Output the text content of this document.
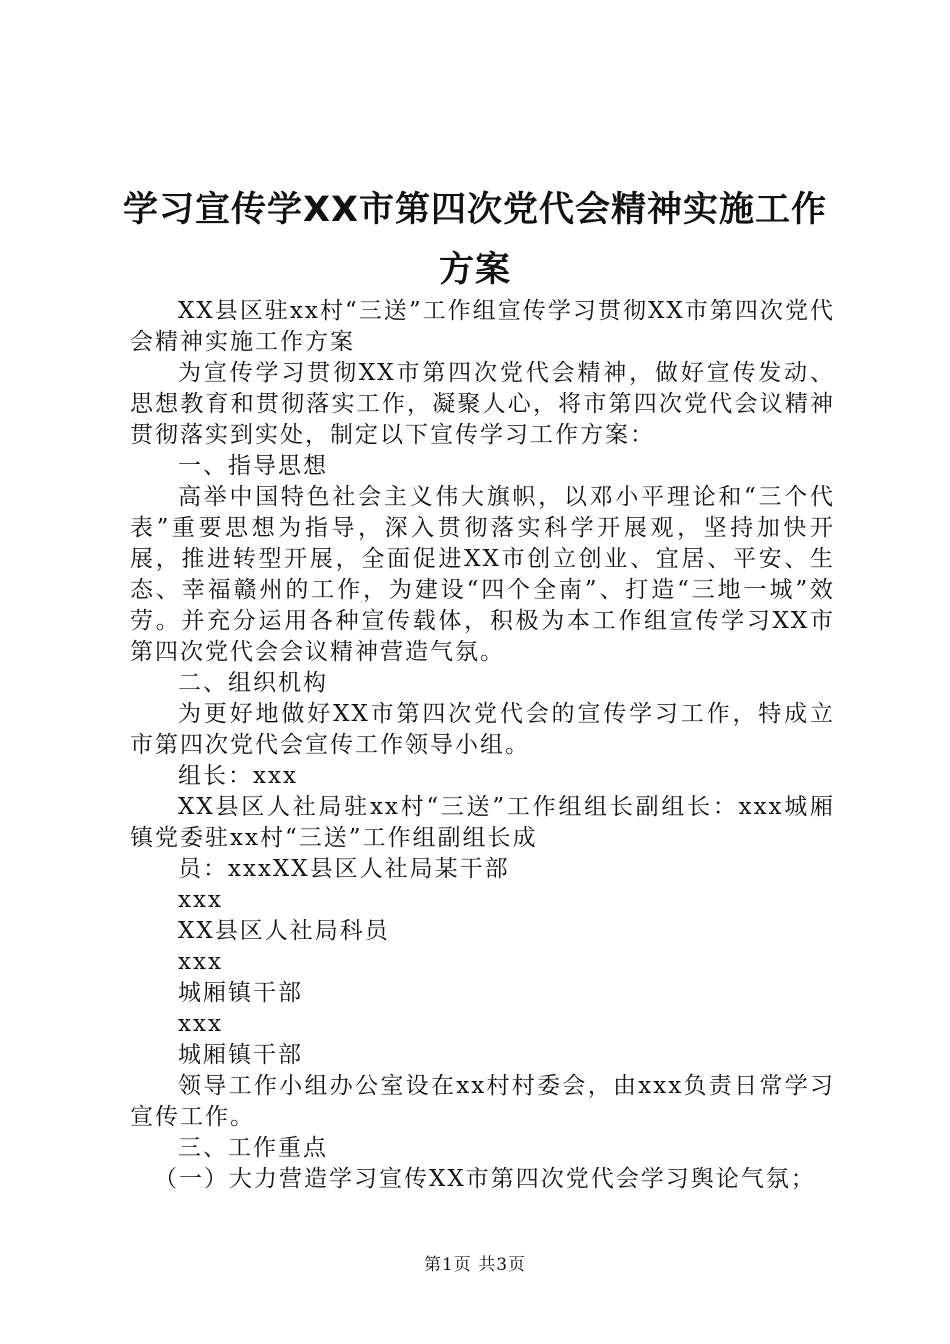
学习宣传学XX市第四次党代会精神实施工作
方案

XX县区驻xx村“三送”工作组宣传学习贯彻XX市第四次党代会精神实施工作方案

为宣传学习贯彻XX市第四次党代会精神，做好宣传发动、思想教育和贯彻落实工作，凝聚人心，将市第四次党代会议精神贯彻落实到实处，制定以下宣传学习工作方案：

一、指导思想

高举中国特色社会主义伟大旗帜，以邓小平理论和“三个代表”重要思想为指导，深入贯彻落实科学开展观，坚持加快开展，推进转型开展，全面促进XX市创立创业、宜居、平安、生态、幸福赣州的工作，为建设“四个全南”、打造“三地一城”效劳。并充分运用各种宣传载体，积极为本工作组宣传学习XX市第四次党代会会议精神营造气氛。

二、组织机构

为更好地做好XX市第四次党代会的宣传学习工作，特成立市第四次党代会宣传工作领导小组。

组长：xxx

XX县区人社局驻xx村“三送”工作组组长副组长：xxx城厢镇党委驻xx村“三送”工作组副组长成

员：xxxXX县区人社局某干部

xxx

XX县区人社局科员

xxx

城厢镇干部

xxx

城厢镇干部

领导工作小组办公室设在xx村村委会，由xxx负责日常学习宣传工作。

三、工作重点

（一）大力营造学习宣传XX市第四次党代会学习舆论气氛；

第1页 共3页
